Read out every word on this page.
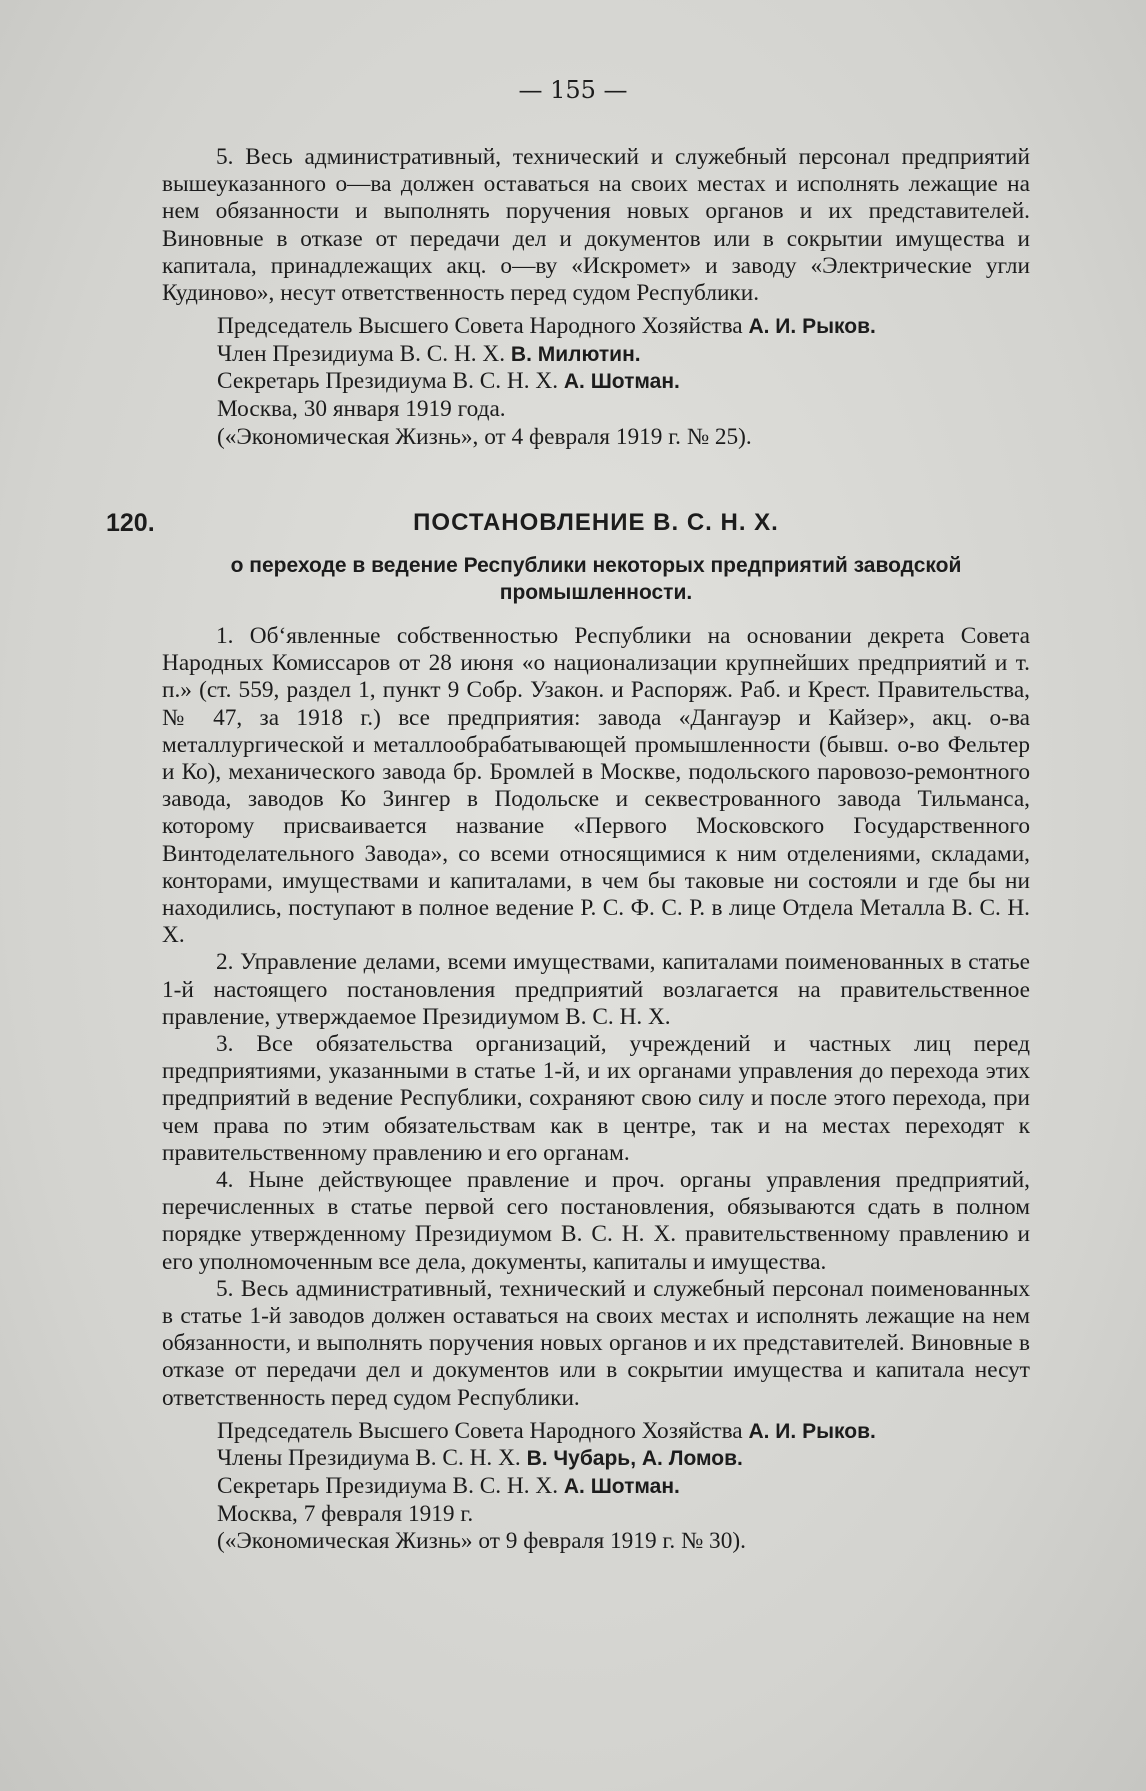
— 155 —

5. Весь административный, технический и служебный персонал предприятий вышеуказанного о—ва должен оставаться на своих местах и исполнять лежащие на нем обязанности и выполнять поручения новых органов и их представителей. Виновные в отказе от передачи дел и документов или в сокрытии имущества и капитала, принадлежащих акц. о—ву «Искромет» и заводу «Электрические угли Кудиново», несут ответственность перед судом Республики.

Председатель Высшего Совета Народного Хозяйства А. И. Рыков.
Член Президиума В. С. Н. Х. В. Милютин.
Секретарь Президиума В. С. Н. Х. А. Шотман.
Москва, 30 января 1919 года.
(«Экономическая Жизнь», от 4 февраля 1919 г. № 25).
120.	ПОСТАНОВЛЕНИЕ В. С. Н. Х.
о переходе в ведение Республики некоторых предприятий заводской промышленности.

1. Об‘явленные собственностью Республики на основании декрета Совета Народных Комиссаров от 28 июня «о национализации крупнейших предприятий и т. п.» (ст. 559, раздел 1, пункт 9 Собр. Узакон. и Распоряж. Раб. и Крест. Правительства, № 47, за 1918 г.) все предприятия: завода «Дангауэр и Кайзер», акц. о-ва металлургической и металлообрабатывающей промышленности (бывш. о-во Фельтер и Ко), механического завода бр. Бромлей в Москве, подольского паровозо-ремонтного завода, заводов Ко Зингер в Подольске и секвестрованного завода Тильманса, которому присваивается название «Первого Московского Государственного Винтоделательного Завода», со всеми относящимися к ним отделениями, складами, конторами, имуществами и капиталами, в чем бы таковые ни состояли и где бы ни находились, поступают в полное ведение Р. С. Ф. С. Р. в лице Отдела Металла В. С. Н. Х.

2. Управление делами, всеми имуществами, капиталами поименованных в статье 1-й настоящего постановления предприятий возлагается на правительственное правление, утверждаемое Президиумом В. С. Н. Х.

3. Все обязательства организаций, учреждений и частных лиц перед предприятиями, указанными в статье 1-й, и их органами управления до перехода этих предприятий в ведение Республики, сохраняют свою силу и после этого перехода, при чем права по этим обязательствам как в центре, так и на местах переходят к правительственному правлению и его органам.

4. Ныне действующее правление и проч. органы управления предприятий, перечисленных в статье первой сего постановления, обязываются сдать в полном порядке утвержденному Президиумом В. С. Н. Х. правительственному правлению и его уполномоченным все дела, документы, капиталы и имущества.

5. Весь административный, технический и служебный персонал поименованных в статье 1-й заводов должен оставаться на своих местах и исполнять лежащие на нем обязанности, и выполнять поручения новых органов и их представителей. Виновные в отказе от передачи дел и документов или в сокрытии имущества и капитала несут ответственность перед судом Республики.

Председатель Высшего Совета Народного Хозяйства А. И. Рыков.
Члены Президиума В. С. Н. Х. В. Чубарь, А. Ломов.
Секретарь Президиума В. С. Н. Х. А. Шотман.
Москва, 7 февраля 1919 г.
(«Экономическая Жизнь» от 9 февраля 1919 г. № 30).
